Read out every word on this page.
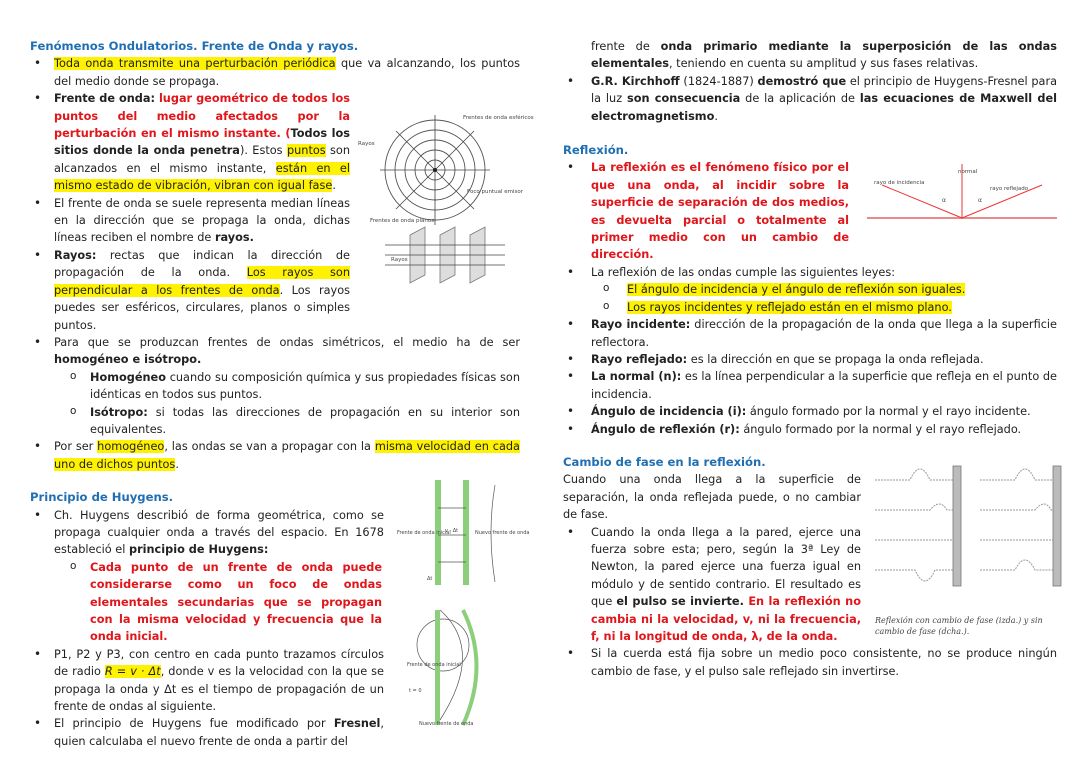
Fenómenos Ondulatorios. Frente de Onda y rayos.

• Toda onda transmite una perturbación periódica que va alcanzando, los puntos del medio donde se propaga.
• Frente de onda: lugar geométrico de todos los puntos del medio afectados por la perturbación en el mismo instante. (Todos los sitios donde la onda penetra). Estos puntos son alcanzados en el mismo instante, están en el mismo estado de vibración, vibran con igual fase.
• El frente de onda se suele representa median líneas en la dirección que se propaga la onda, dichas líneas reciben el nombre de rayos.
• Rayos: rectas que indican la dirección de propagación de la onda. Los rayos son perpendicular a los frentes de onda. Los rayos puedes ser esféricos, circulares, planos o simples puntos.
• Para que se produzcan frentes de ondas simétricos, el medio ha de ser homogéneo e isótropo.
o Homogéneo cuando su composición química y sus propiedades físicas son idénticas en todos sus puntos.
o Isótropo: si todas las direcciones de propagación en su interior son equivalentes.
• Por ser homogéneo, las ondas se van a propagar con la misma velocidad en cada uno de dichos puntos.

Principio de Huygens.

• Ch. Huygens describió de forma geométrica, como se propaga cualquier onda a través del espacio. En 1678 estableció el principio de Huygens:
o Cada punto de un frente de onda puede considerarse como un foco de ondas elementales secundarias que se propagan con la misma velocidad y frecuencia que la onda inicial.
• P1, P2 y P3, con centro en cada punto trazamos círculos de radio R = v · Δt, donde v es la velocidad con la que se propaga la onda y Δt es el tiempo de propagación de un frente de ondas al siguiente.
• El principio de Huygens fue modificado por Fresnel, quien calculaba el nuevo frente de onda a partir del
frente de onda primario mediante la superposición de las ondas elementales, teniendo en cuenta su amplitud y sus fases relativas.
• G.R. Kirchhoff (1824-1887) demostró que el principio de Huygens-Fresnel para la luz son consecuencia de la aplicación de las ecuaciones de Maxwell del electromagnetismo.

Reflexión.

• La reflexión es el fenómeno físico por el que una onda, al incidir sobre la superficie de separación de dos medios, es devuelta parcial o totalmente al primer medio con un cambio de dirección.
• La reflexión de las ondas cumple las siguientes leyes:
o El ángulo de incidencia y el ángulo de reflexión son iguales.
o Los rayos incidentes y reflejado están en el mismo plano.
• Rayo incidente: dirección de la propagación de la onda que llega a la superficie reflectora.
• Rayo reflejado: es la dirección en que se propaga la onda reflejada.
• La normal (n): es la línea perpendicular a la superficie que refleja en el punto de incidencia.
• Ángulo de incidencia (i): ángulo formado por la normal y el rayo incidente.
• Ángulo de reflexión (r): ángulo formado por la normal y el rayo reflejado.

Cambio de fase en la reflexión.

Cuando una onda llega a la superficie de separación, la onda reflejada puede, o no cambiar de fase.

• Cuando la onda llega a la pared, ejerce una fuerza sobre esta; pero, según la 3ª Ley de Newton, la pared ejerce una fuerza igual en módulo y de sentido contrario. El resultado es que el pulso se invierte. En la reflexión no cambia ni la velocidad, v, ni la frecuencia, f, ni la longitud de onda, λ, de la onda.
• Si la cuerda está fija sobre un medio poco consistente, no se produce ningún cambio de fase, y el pulso sale reflejado sin invertirse.
Frentes de onda esféricos
Rayos
Foco puntual emisor
Frentes de onda planos
Rayos
Frente de onda inicial	Nuevo frente de onda
v · Δt
Δt
Frente de onda inicial
t = 0
Nuevo frente de onda
normal
rayo de incidencia
rayo reflejado
α	α
Reflexión con cambio de fase (izda.) y sin cambio de fase (dcha.).
